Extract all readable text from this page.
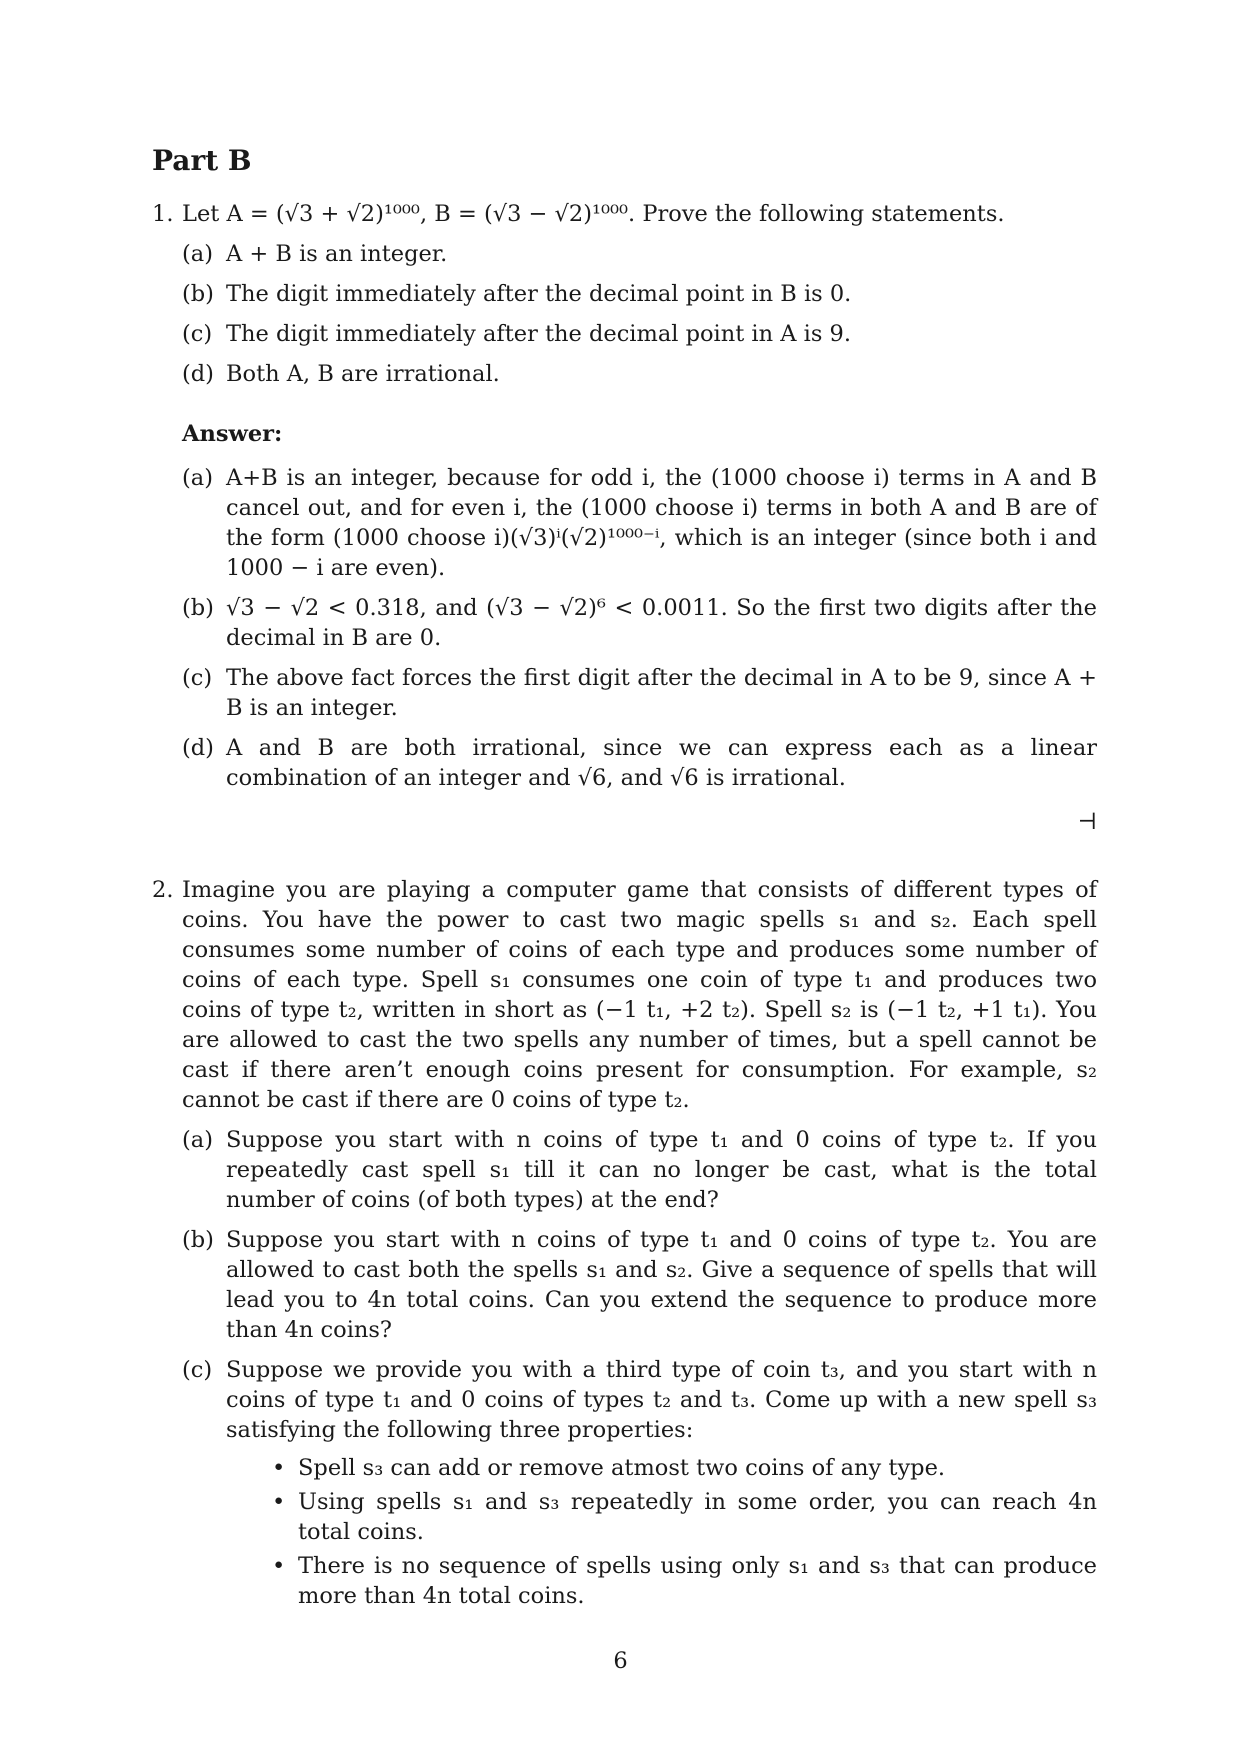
Part B
1. Let A = (√3 + √2)¹⁰⁰⁰, B = (√3 − √2)¹⁰⁰⁰. Prove the following statements.
(a) A + B is an integer.
(b) The digit immediately after the decimal point in B is 0.
(c) The digit immediately after the decimal point in A is 9.
(d) Both A, B are irrational.
Answer:
(a) A+B is an integer, because for odd i, the (1000 choose i) terms in A and B cancel out, and for even i, the (1000 choose i) terms in both A and B are of the form (1000 choose i)(√3)ⁱ(√2)¹⁰⁰⁰⁻ⁱ, which is an integer (since both i and 1000 − i are even).
(b) √3 − √2 < 0.318, and (√3 − √2)⁶ < 0.0011. So the first two digits after the decimal in B are 0.
(c) The above fact forces the first digit after the decimal in A to be 9, since A + B is an integer.
(d) A and B are both irrational, since we can express each as a linear combination of an integer and √6, and √6 is irrational.
⊣
2. Imagine you are playing a computer game that consists of different types of coins. You have the power to cast two magic spells s₁ and s₂. Each spell consumes some number of coins of each type and produces some number of coins of each type. Spell s₁ consumes one coin of type t₁ and produces two coins of type t₂, written in short as (−1 t₁, +2 t₂). Spell s₂ is (−1 t₂, +1 t₁). You are allowed to cast the two spells any number of times, but a spell cannot be cast if there aren’t enough coins present for consumption. For example, s₂ cannot be cast if there are 0 coins of type t₂.
(a) Suppose you start with n coins of type t₁ and 0 coins of type t₂. If you repeatedly cast spell s₁ till it can no longer be cast, what is the total number of coins (of both types) at the end?
(b) Suppose you start with n coins of type t₁ and 0 coins of type t₂. You are allowed to cast both the spells s₁ and s₂. Give a sequence of spells that will lead you to 4n total coins. Can you extend the sequence to produce more than 4n coins?
(c) Suppose we provide you with a third type of coin t₃, and you start with n coins of type t₁ and 0 coins of types t₂ and t₃. Come up with a new spell s₃ satisfying the following three properties:
• Spell s₃ can add or remove atmost two coins of any type.
• Using spells s₁ and s₃ repeatedly in some order, you can reach 4n total coins.
• There is no sequence of spells using only s₁ and s₃ that can produce more than 4n total coins.
6
